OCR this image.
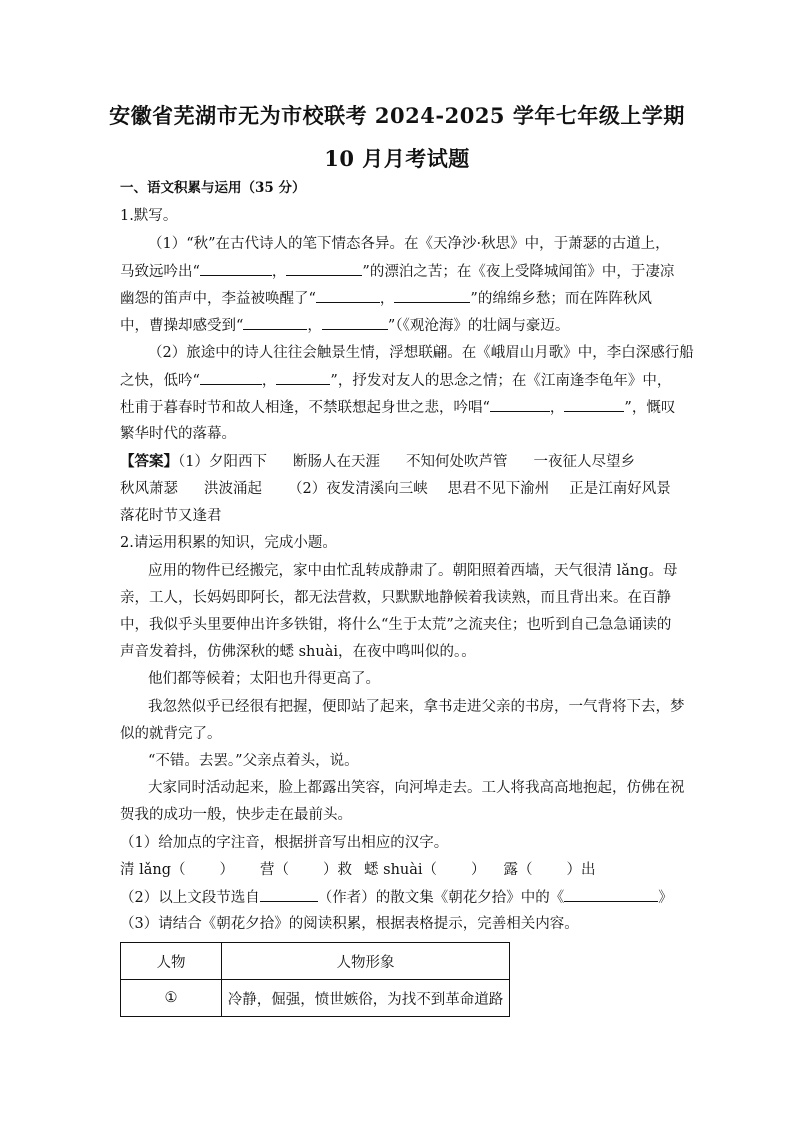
安徽省芜湖市无为市校联考 2024-2025 学年七年级上学期
10 月月考试题
一、语文积累与运用（35 分）
1.默写。
（1）“秋”在古代诗人的笔下情态各异。在《天净沙·秋思》中，于萧瑟的古道上，
马致远吟出“	，	”的漂泊之苦；在《夜上受降城闻笛》中，于凄凉
幽怨的笛声中，李益被唤醒了“	，	”的绵绵乡愁；而在阵阵秋风
中，曹操却感受到“	，	”（《观沧海》的壮阔与豪迈。
（2）旅途中的诗人往往会触景生情，浮想联翩。在《峨眉山月歌》中，李白深感行船
之快，低吟“	，	”，抒发对友人的思念之情；在《江南逢李龟年》中，
杜甫于暮春时节和故人相逢，不禁联想起身世之悲，吟唱“	，	”，慨叹
繁华时代的落幕。
【答案】（1）夕阳西下 断肠人在天涯 不知何处吹芦管 一夜征人尽望乡
秋风萧瑟 洪波涌起 （2）夜发清溪向三峡 思君不见下渝州 正是江南好风景
落花时节又逢君
2.请运用积累的知识，完成小题。
应用的物件已经搬完，家中由忙乱转成静肃了。朝阳照着西墙，天气很清 lǎng。母
亲，工人，长妈妈即阿长，都无法营救，只默默地静候着我读熟，而且背出来。在百静
中，我似乎头里要伸出许多铁钳，将什么“生于太荒”之流夹住；也听到自己急急诵读的
声音发着抖，仿佛深秋的蟋 shuài，在夜中鸣叫似的。。
他们都等候着；太阳也升得更高了。
我忽然似乎已经很有把握，便即站了起来，拿书走进父亲的书房，一气背将下去，梦
似的就背完了。
“不错。去罢。”父亲点着头，说。
大家同时活动起来，脸上都露出笑容，向河埠走去。工人将我高高地抱起，仿佛在祝
贺我的成功一般，快步走在最前头。
（1）给加点的字注音，根据拼音写出相应的汉字。
清 lǎng（ ） 营（ ）救 蟋 shuài（ ） 露（ ）出
（2）以上文段节选自	（作者）的散文集《朝花夕拾》中的《	》
（3）请结合《朝花夕拾》的阅读积累，根据表格提示，完善相关内容。
人物	人物形象
①	冷静，倔强，愤世嫉俗，为找不到革命道路
